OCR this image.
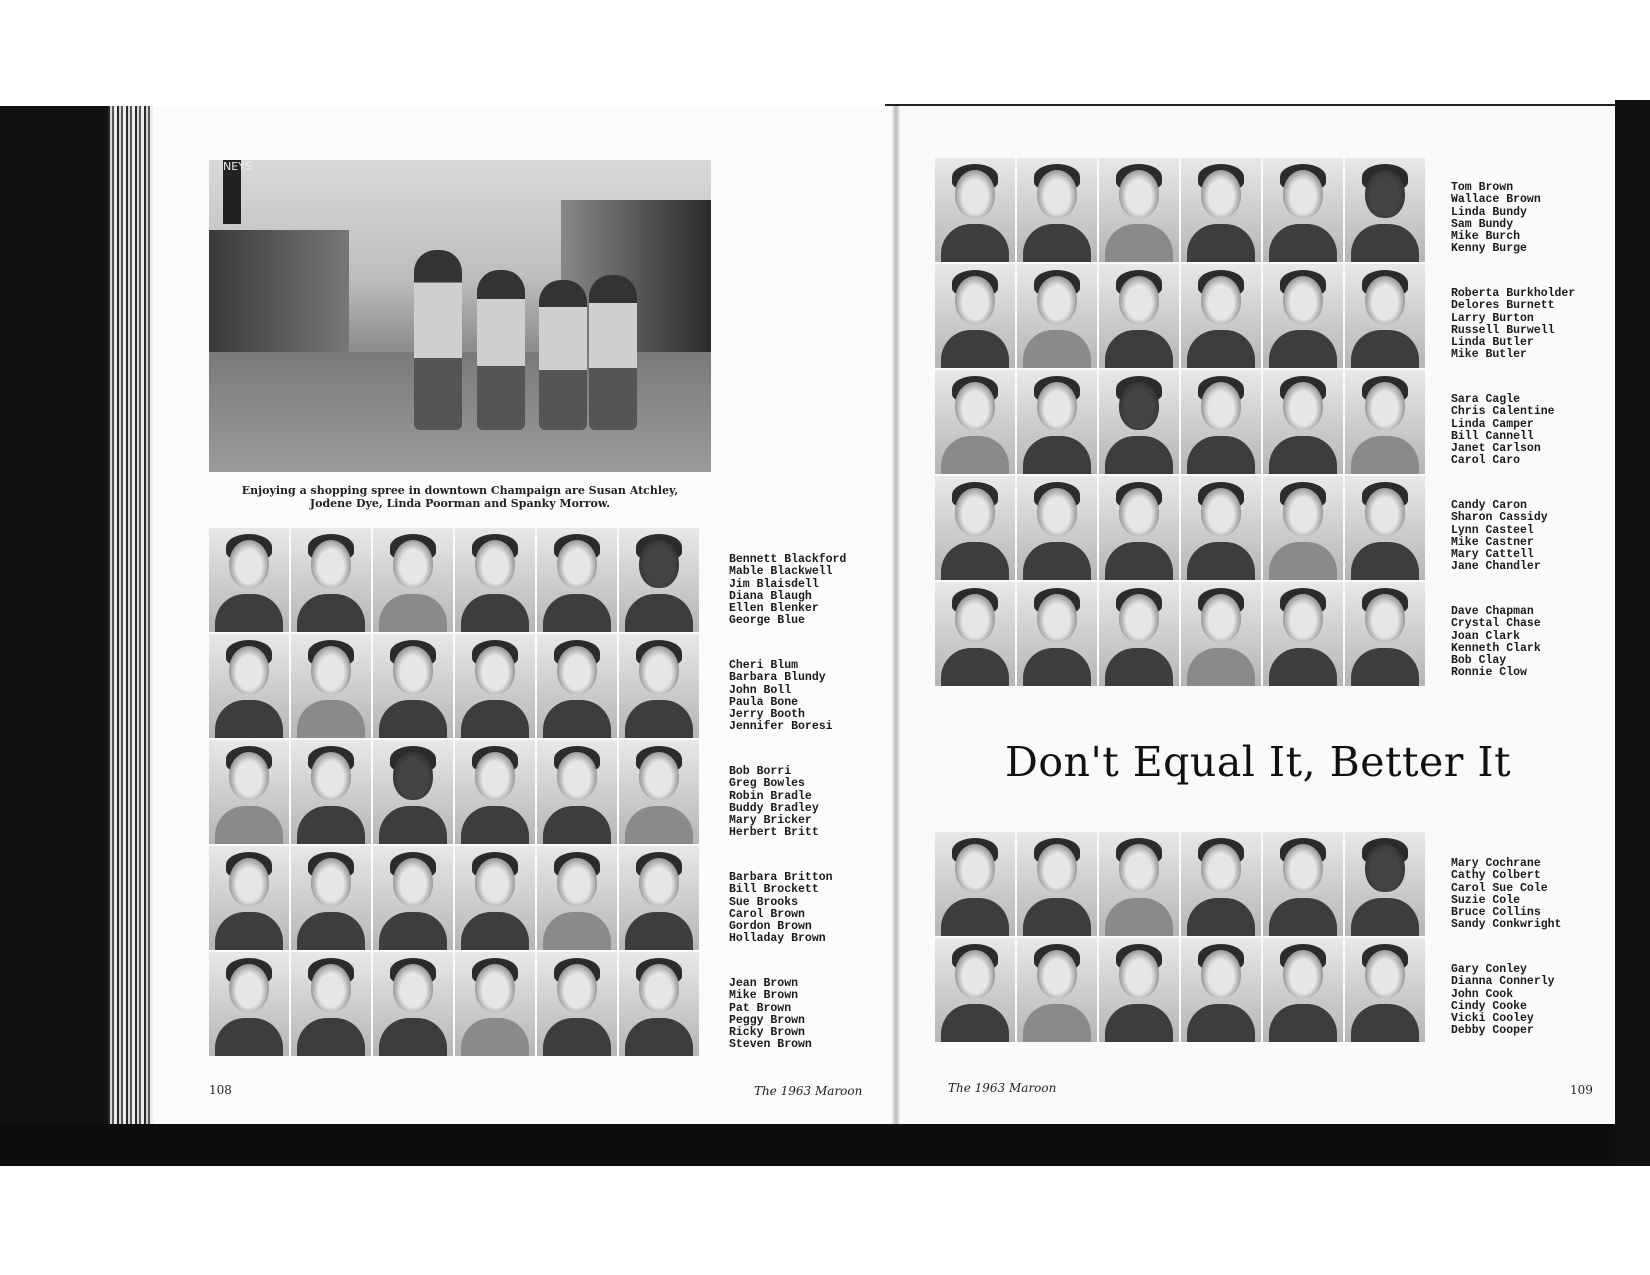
NEYS
Enjoying a shopping spree in downtown Champaign are Susan Atchley,
Jodene Dye, Linda Poorman and Spanky Morrow.
Bennett Blackford
Mable Blackwell
Jim Blaisdell
Diana Blaugh
Ellen Blenker
George Blue
Cheri Blum
Barbara Blundy
John Boll
Paula Bone
Jerry Booth
Jennifer Boresi
Bob Borri
Greg Bowles
Robin Bradle
Buddy Bradley
Mary Bricker
Herbert Britt
Barbara Britton
Bill Brockett
Sue Brooks
Carol Brown
Gordon Brown
Holladay Brown
Jean Brown
Mike Brown
Pat Brown
Peggy Brown
Ricky Brown
Steven Brown
Tom Brown
Wallace Brown
Linda Bundy
Sam Bundy
Mike Burch
Kenny Burge
Roberta Burkholder
Delores Burnett
Larry Burton
Russell Burwell
Linda Butler
Mike Butler
Sara Cagle
Chris Calentine
Linda Camper
Bill Cannell
Janet Carlson
Carol Caro
Candy Caron
Sharon Cassidy
Lynn Casteel
Mike Castner
Mary Cattell
Jane Chandler
Dave Chapman
Crystal Chase
Joan Clark
Kenneth Clark
Bob Clay
Ronnie Clow
Don't Equal It, Better It
Mary Cochrane
Cathy Colbert
Carol Sue Cole
Suzie Cole
Bruce Collins
Sandy Conkwright
Gary Conley
Dianna Connerly
John Cook
Cindy Cooke
Vicki Cooley
Debby Cooper
108	The 1963 Maroon	The 1963 Maroon	109
